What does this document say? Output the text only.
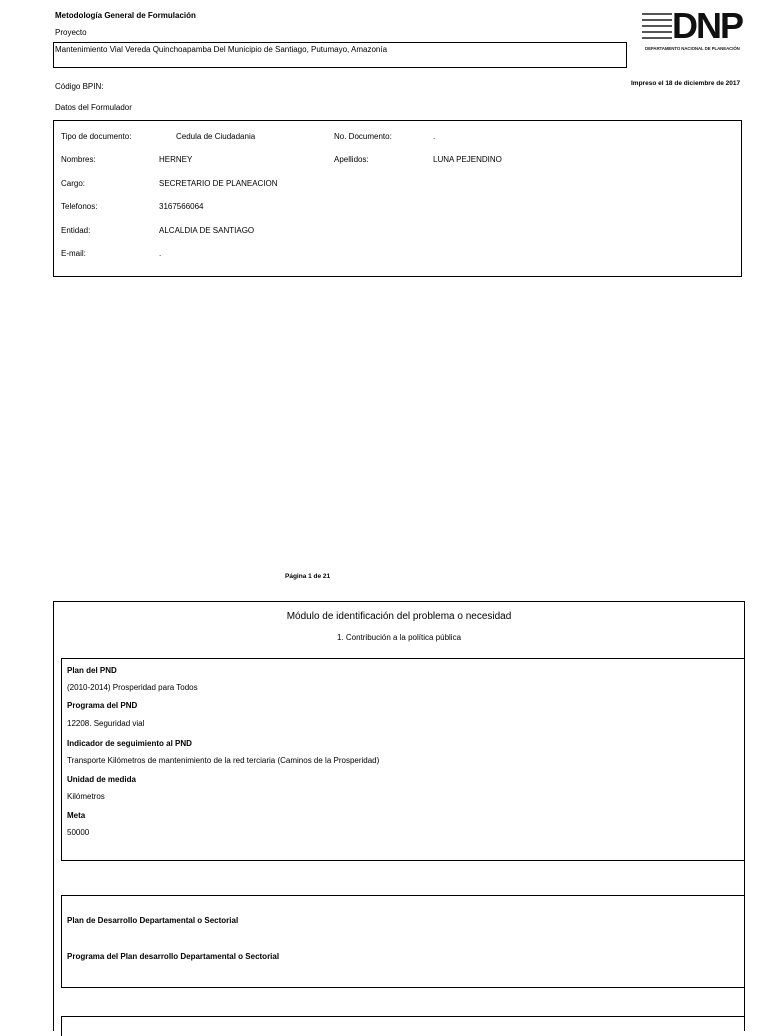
Metodología General de Formulación
Proyecto
Mantenimiento Vial Vereda Quinchoapamba Del Municipio de Santiago, Putumayo, Amazonía
Código BPIN:	Impreso el 18 de diciembre de 2017
Datos del Formulador
DNP
DEPARTAMENTO NACIONAL DE PLANEACIÓN
Tipo de documento:	Cedula de Ciudadania	No. Documento:	.
Nombres:	HERNEY	Apellidos:	LUNA PEJENDINO
Cargo:	SECRETARIO DE PLANEACION
Telefonos:	3167566064
Entidad:	ALCALDIA DE SANTIAGO
E-mail:	.
Página 1 de 21
Módulo de identificación del problema o necesidad
1. Contribución a la política pública
Plan del PND
(2010-2014) Prosperidad para Todos
Programa del PND
12208. Seguridad vial
Indicador de seguimiento al PND
Transporte Kilómetros de mantenimiento de la red terciaria (Caminos de la Prosperidad)
Unidad de medida
Kilómetros
Meta
50000
Plan de Desarrollo Departamental o Sectorial
Programa del Plan desarrollo Departamental o Sectorial
